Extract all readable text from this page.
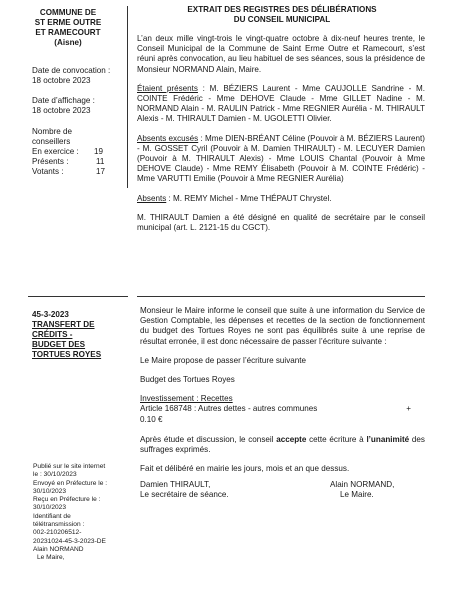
COMMUNE DE
ST ERME OUTRE
ET RAMECOURT
(Aisne)
Date de convocation :
18 octobre 2023
Date d’affichage :
18 octobre 2023
Nombre de
conseillers
En exercice :	19
Présents :	11
Votants :	17
EXTRAIT DES REGISTRES DES DÉLIBÉRATIONS
DU CONSEIL MUNICIPAL

L’an deux mille vingt-trois le vingt-quatre octobre à dix-neuf heures trente, le Conseil Municipal de la Commune de Saint Erme Outre et Ramecourt, s’est réuni après convocation, au lieu habituel de ses séances, sous la présidence de Monsieur NORMAND Alain, Maire.

Étaient présents : M. BÉZIERS Laurent - Mme CAUJOLLE Sandrine - M. COINTE Frédéric - Mme DEHOVE Claude - Mme GILLET Nadine - M. NORMAND Alain - M. RAULIN Patrick - Mme REGNIER Aurélia - M. THIRAULT Alexis - M. THIRAULT Damien - M. UGOLETTI Olivier.

Absents excusés : Mme DIEN-BRÉANT Céline (Pouvoir à M. BÉZIERS Laurent) - M. GOSSET Cyril (Pouvoir à M. Damien THIRAULT) - M. LECUYER Damien (Pouvoir à M. THIRAULT Alexis) - Mme LOUIS Chantal (Pouvoir à Mme DEHOVE Claude) - Mme REMY Élisabeth (Pouvoir à M. COINTE Frédéric) - Mme VARUTTI Emilie (Pouvoir à Mme REGNIER Aurélia)

Absents : M. REMY Michel - Mme THÉPAUT Chrystel.

M. THIRAULT Damien a été désigné en qualité de secrétaire par le conseil municipal (art. L. 2121-15 du CGCT).

45-3-2023
TRANSFERT DE
CRÉDITS -
BUDGET DES
TORTUES ROYES

Monsieur le Maire informe le conseil que suite à une information du Service de Gestion Comptable, les dépenses et recettes de la section de fonctionnement du budget des Tortues Royes ne sont pas équilibrés suite à une reprise de résultat erronée, il est donc nécessaire de passer l’écriture suivante :

Le Maire propose de passer l’écriture suivante

Budget des Tortues Royes

Investissement : Recettes

Article 168748 : Autres dettes - autres communes	+

0.10 €

Après étude et discussion, le conseil accepte cette écriture à l’unanimité des suffrages exprimés.

Fait et délibéré en mairie les jours, mois et an que dessus.

Damien THIRAULT,
Le secrétaire de séance.
Alain NORMAND,
Le Maire.
Publié sur le site internet
le : 30/10/2023
Envoyé en Préfecture le :
30/10/2023
Reçu en Préfecture le :
30/10/2023
Identifiant de
télétransmission :
002-210206512-
20231024-45-3-2023-DE
Alain NORMAND
Le Maire,
